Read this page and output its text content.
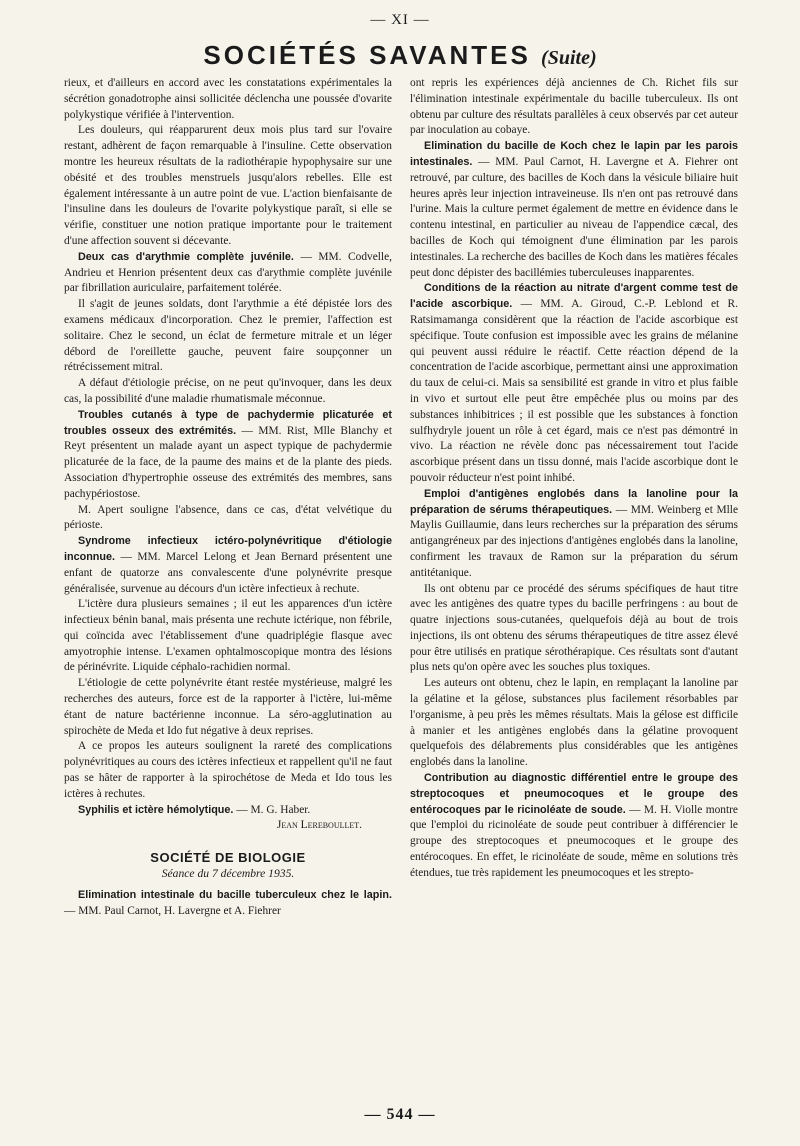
— XI —
SOCIÉTÉS SAVANTES (Suite)

rieux, et d'ailleurs en accord avec les constatations expérimentales la sécrétion gonadotrophe ainsi sollicitée déclencha une poussée d'ovarite polykystique vérifiée à l'intervention.

Les douleurs, qui réapparurent deux mois plus tard sur l'ovaire restant, adhèrent de façon remarquable à l'insuline. Cette observation montre les heureux résultats de la radiothérapie hypophysaire sur une obésité et des troubles menstruels jusqu'alors rebelles. Elle est également intéressante à un autre point de vue. L'action bienfaisante de l'insuline dans les douleurs de l'ovarite polykystique paraît, si elle se vérifie, constituer une notion pratique importante pour le traitement d'une affection souvent si décevante.

Deux cas d'arythmie complète juvénile. — MM. Codvelle, Andrieu et Henrion présentent deux cas d'arythmie complète juvénile par fibrillation auriculaire, parfaitement tolérée.

Il s'agit de jeunes soldats, dont l'arythmie a été dépistée lors des examens médicaux d'incorporation. Chez le premier, l'affection est solitaire. Chez le second, un éclat de fermeture mitrale et un léger débord de l'oreillette gauche, peuvent faire soupçonner un rétrécissement mitral.

A défaut d'étiologie précise, on ne peut qu'invoquer, dans les deux cas, la possibilité d'une maladie rhumatismale méconnue.

Troubles cutanés à type de pachydermie plicaturée et troubles osseux des extrémités. — MM. Rist, Mlle Blanchy et Reyt présentent un malade ayant un aspect typique de pachydermie plicaturée de la face, de la paume des mains et de la plante des pieds. Association d'hypertrophie osseuse des extrémités des membres, sans pachypériostose.

M. Apert souligne l'absence, dans ce cas, d'état velvétique du périoste.

Syndrome infectieux ictéro-polynévritique d'étiologie inconnue. — MM. Marcel Lelong et Jean Bernard présentent une enfant de quatorze ans convalescente d'une polynévrite presque généralisée, survenue au décours d'un ictère infectieux à rechute.

L'ictère dura plusieurs semaines ; il eut les apparences d'un ictère infectieux bénin banal, mais présenta une rechute ictérique, non fébrile, qui coïncida avec l'établissement d'une quadriplégie flasque avec amyotrophie intense. L'examen ophtalmoscopique montra des lésions de périnévrite. Liquide céphalo-rachidien normal.

L'étiologie de cette polynévrite étant restée mystérieuse, malgré les recherches des auteurs, force est de la rapporter à l'ictère, lui-même étant de nature bactérienne inconnue. La séro-agglutination au spirochète de Meda et Ido fut négative à deux reprises.

A ce propos les auteurs soulignent la rareté des complications polynévritiques au cours des ictères infectieux et rappellent qu'il ne faut pas se hâter de rapporter à la spirochétose de Meda et Ido tous les ictères à rechutes.

Syphilis et ictère hémolytique. — M. G. Haber.

Jean Lereboullet.

SOCIÉTÉ DE BIOLOGIE
Séance du 7 décembre 1935.

Elimination intestinale du bacille tuberculeux chez le lapin. — MM. Paul Carnot, H. Lavergne et A. Fiehrer

ont repris les expériences déjà anciennes de Ch. Richet fils sur l'élimination intestinale expérimentale du bacille tuberculeux. Ils ont obtenu par culture des résultats parallèles à ceux observés par cet auteur par inoculation au cobaye.

Elimination du bacille de Koch chez le lapin par les parois intestinales. — MM. Paul Carnot, H. Lavergne et A. Fiehrer ont retrouvé, par culture, des bacilles de Koch dans la vésicule biliaire huit heures après leur injection intraveineuse. Ils n'en ont pas retrouvé dans l'urine. Mais la culture permet également de mettre en évidence dans le contenu intestinal, en particulier au niveau de l'appendice cæcal, des bacilles de Koch qui témoignent d'une élimination par les parois intestinales. La recherche des bacilles de Koch dans les matières fécales peut donc dépister des bacillémies tuberculeuses inapparentes.

Conditions de la réaction au nitrate d'argent comme test de l'acide ascorbique. — MM. A. Giroud, C.-P. Leblond et R. Ratsimamanga considèrent que la réaction de l'acide ascorbique est spécifique. Toute confusion est impossible avec les grains de mélanine qui peuvent aussi réduire le réactif. Cette réaction dépend de la concentration de l'acide ascorbique, permettant ainsi une approximation du taux de celui-ci. Mais sa sensibilité est grande in vitro et plus faible in vivo et surtout elle peut être empêchée plus ou moins par des substances inhibitrices ; il est possible que les substances à fonction sulfhydryle jouent un rôle à cet égard, mais ce n'est pas démontré in vivo. La réaction ne révèle donc pas nécessairement tout l'acide ascorbique présent dans un tissu donné, mais l'acide ascorbique dont le pouvoir réducteur n'est point inhibé.

Emploi d'antigènes englobés dans la lanoline pour la préparation de sérums thérapeutiques. — MM. Weinberg et Mlle Maylis Guillaumie, dans leurs recherches sur la préparation des sérums antigangréneux par des injections d'antigènes englobés dans la lanoline, confirment les travaux de Ramon sur la préparation du sérum antitétanique.

Ils ont obtenu par ce procédé des sérums spécifiques de haut titre avec les antigènes des quatre types du bacille perfringens : au bout de quatre injections sous-cutanées, quelquefois déjà au bout de trois injections, ils ont obtenu des sérums thérapeutiques de titre assez élevé pour être utilisés en pratique sérothérapique. Ces résultats sont d'autant plus nets qu'on opère avec les souches plus toxiques.

Les auteurs ont obtenu, chez le lapin, en remplaçant la lanoline par la gélatine et la gélose, substances plus facilement résorbables par l'organisme, à peu près les mêmes résultats. Mais la gélose est difficile à manier et les antigènes englobés dans la gélatine provoquent quelquefois des délabrements plus considérables que les antigènes englobés dans la lanoline.

Contribution au diagnostic différentiel entre le groupe des streptocoques et pneumocoques et le groupe des entérocoques par le ricinoléate de soude. — M. H. Violle montre que l'emploi du ricinoléate de soude peut contribuer à différencier le groupe des streptocoques et pneumocoques et le groupe des entérocoques. En effet, le ricinoléate de soude, même en solutions très étendues, tue très rapidement les pneumocoques et les strepto-

— 544 —
